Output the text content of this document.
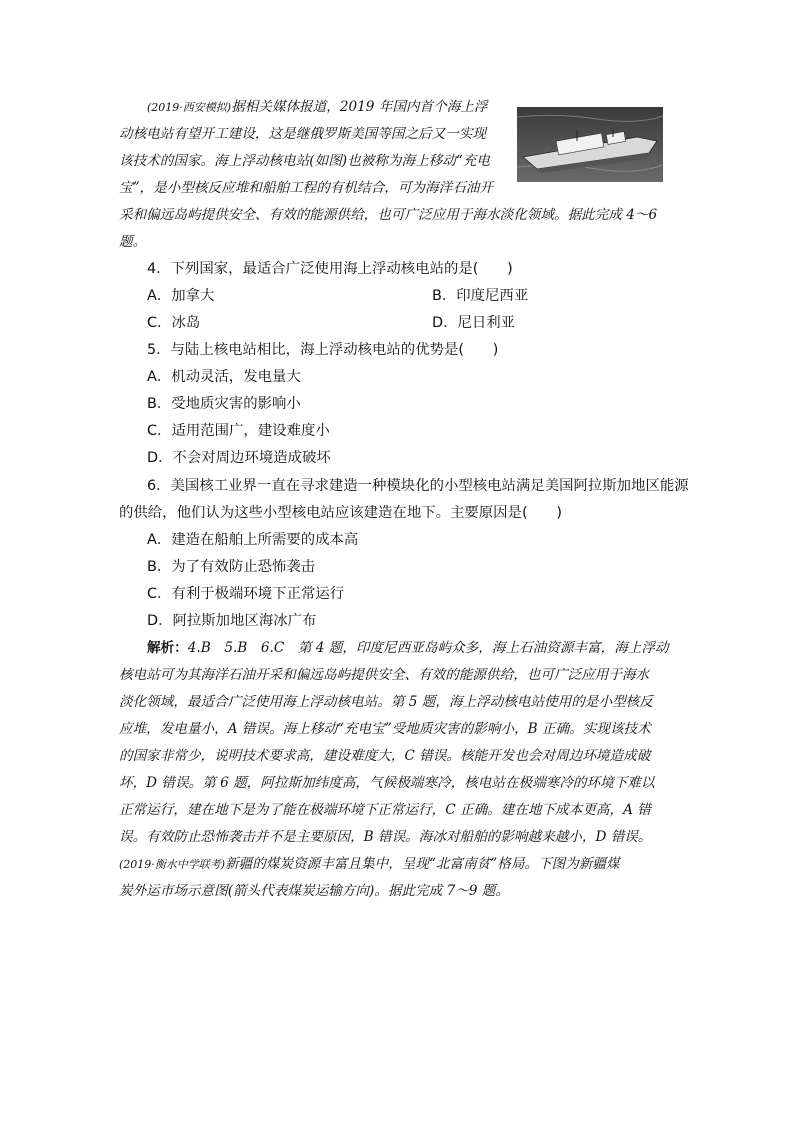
(2019·西安模拟)据相关媒体报道，2019 年国内首个海上浮
动核电站有望开工建设，这是继俄罗斯美国等国之后又一实现
该技术的国家。海上浮动核电站(如图)也被称为海上移动“充电
宝”，是小型核反应堆和船舶工程的有机结合，可为海洋石油开
采和偏远岛屿提供安全、有效的能源供给，也可广泛应用于海水淡化领域。据此完成 4～6
题。
4．下列国家，最适合广泛使用海上浮动核电站的是(　　)
A．加拿大	B．印度尼西亚
C．冰岛	D．尼日利亚
5．与陆上核电站相比，海上浮动核电站的优势是(　　)
A．机动灵活，发电量大
B．受地质灾害的影响小
C．适用范围广，建设难度小
D．不会对周边环境造成破坏
6．美国核工业界一直在寻求建造一种模块化的小型核电站满足美国阿拉斯加地区能源
的供给，他们认为这些小型核电站应该建造在地下。主要原因是(　　)
A．建造在船舶上所需要的成本高
B．为了有效防止恐怖袭击
C．有利于极端环境下正常运行
D．阿拉斯加地区海冰广布
解析：4.B　5.B　6.C　第 4 题，印度尼西亚岛屿众多，海上石油资源丰富，海上浮动
核电站可为其海洋石油开采和偏远岛屿提供安全、有效的能源供给，也可广泛应用于海水
淡化领域，最适合广泛使用海上浮动核电站。第 5 题，海上浮动核电站使用的是小型核反
应堆，发电量小，A 错误。海上移动“充电宝”受地质灾害的影响小，B 正确。实现该技术
的国家非常少，说明技术要求高，建设难度大，C 错误。核能开发也会对周边环境造成破
坏，D 错误。第 6 题，阿拉斯加纬度高，气候极端寒冷，核电站在极端寒冷的环境下难以
正常运行，建在地下是为了能在极端环境下正常运行，C 正确。建在地下成本更高，A 错
误。有效防止恐怖袭击并不是主要原因，B 错误。海冰对船舶的影响越来越小，D 错误。
(2019·衡水中学联考)新疆的煤炭资源丰富且集中，呈现“北富南贫”格局。下图为新疆煤
炭外运市场示意图(箭头代表煤炭运输方向)。据此完成 7～9 题。
